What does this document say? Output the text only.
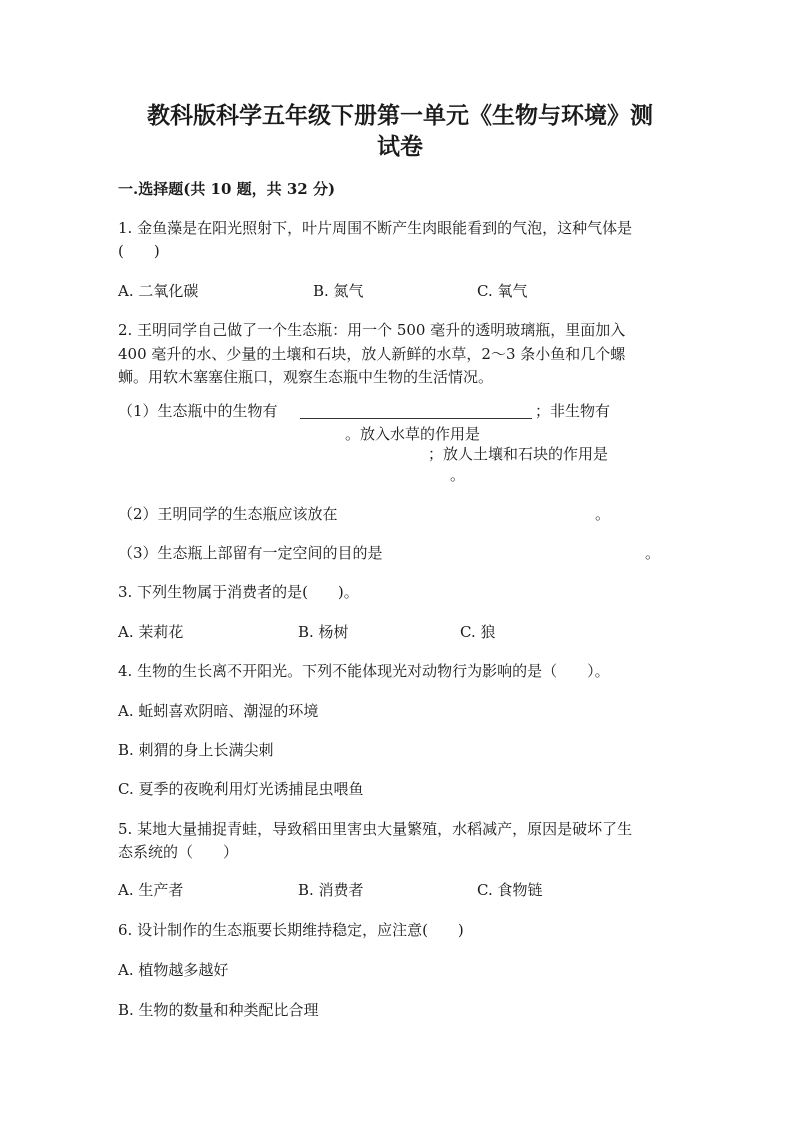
教科版科学五年级下册第一单元《生物与环境》测
试卷
一.选择题(共 10 题，共 32 分)

1. 金鱼藻是在阳光照射下，叶片周围不断产生肉眼能看到的气泡，这种气体是

(　　)

A. 二氧化碳	B. 氮气	C. 氧气

2. 王明同学自己做了一个生态瓶：用一个 500 毫升的透明玻璃瓶，里面加入

400 毫升的水、少量的土壤和石块，放人新鲜的水草，2～3 条小鱼和几个螺

蛳。用软木塞塞住瓶口，观察生态瓶中生物的生活情况。

（1）生态瓶中的生物有	；非生物有
。放入水草的作用是
；放人土壤和石块的作用是
。
（2）王明同学的生态瓶应该放在	。
（3）生态瓶上部留有一定空间的目的是	。

3. 下列生物属于消费者的是(　　)。

A. 茉莉花	B. 杨树	C. 狼

4. 生物的生长离不开阳光。下列不能体现光对动物行为影响的是（　　）。

A. 蚯蚓喜欢阴暗、潮湿的环境
B. 刺猬的身上长满尖刺
C. 夏季的夜晚利用灯光诱捕昆虫喂鱼

5. 某地大量捕捉青蛙，导致稻田里害虫大量繁殖，水稻减产，原因是破坏了生

态系统的（　　）

A. 生产者	B. 消费者	C. 食物链

6. 设计制作的生态瓶要长期维持稳定，应注意(　　)

A. 植物越多越好
B. 生物的数量和种类配比合理
